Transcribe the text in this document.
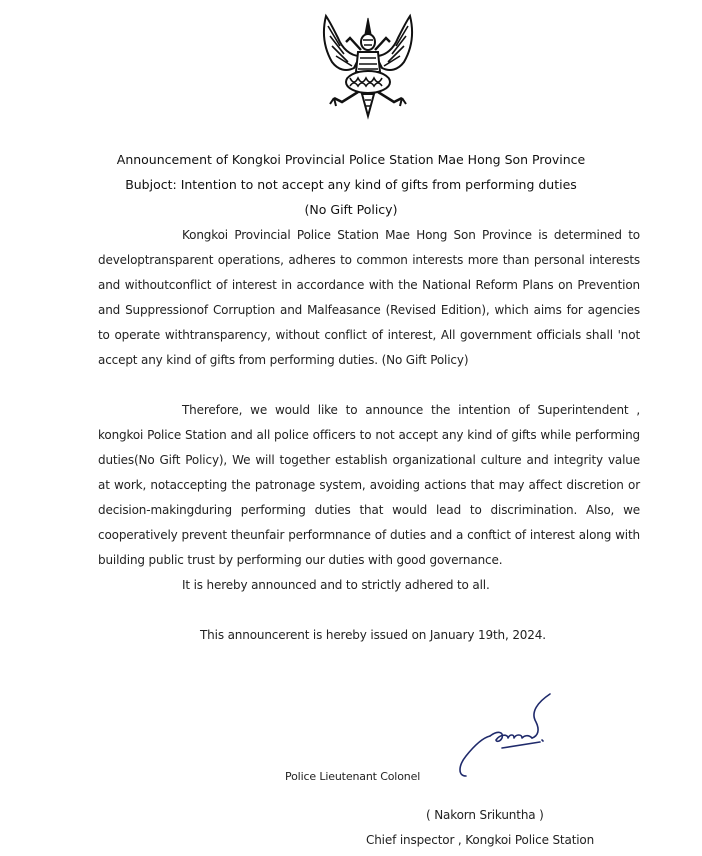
Announcement of Kongkoi Provincial Police Station Mae Hong Son Province
Bubjoct: Intention to not accept any kind of gifts from performing duties
(No Gift Policy)
Kongkoi Provincial Police Station Mae Hong Son Province is determined to developtransparent operations, adheres to common interests more than personal interests and withoutconflict of interest in accordance with the National Reform Plans on Prevention and Suppressionof Corruption and Malfeasance (Revised Edition), which aims for agencies to operate withtransparency, without conflict of interest, All government officials shall 'not accept any kind of gifts from performing duties. (No Gift Policy)
Therefore, we would like to announce the intention of Superintendent , kongkoi Police Station and all police officers to not accept any kind of gifts while performing duties(No Gift Policy), We will together establish organizational culture and integrity value at work, notaccepting the patronage system, avoiding actions that may affect discretion or decision-makingduring performing duties that would lead to discrimination. Also, we cooperatively prevent theunfair performnance of duties and a conftict of interest along with building public trust by performing our duties with good governance.
It is hereby announced and to strictly adhered to all.
This announcerent is hereby issued on January 19th, 2024.
Police Lieutenant Colonel
( Nakorn Srikuntha )
Chief inspector , Kongkoi Police Station
